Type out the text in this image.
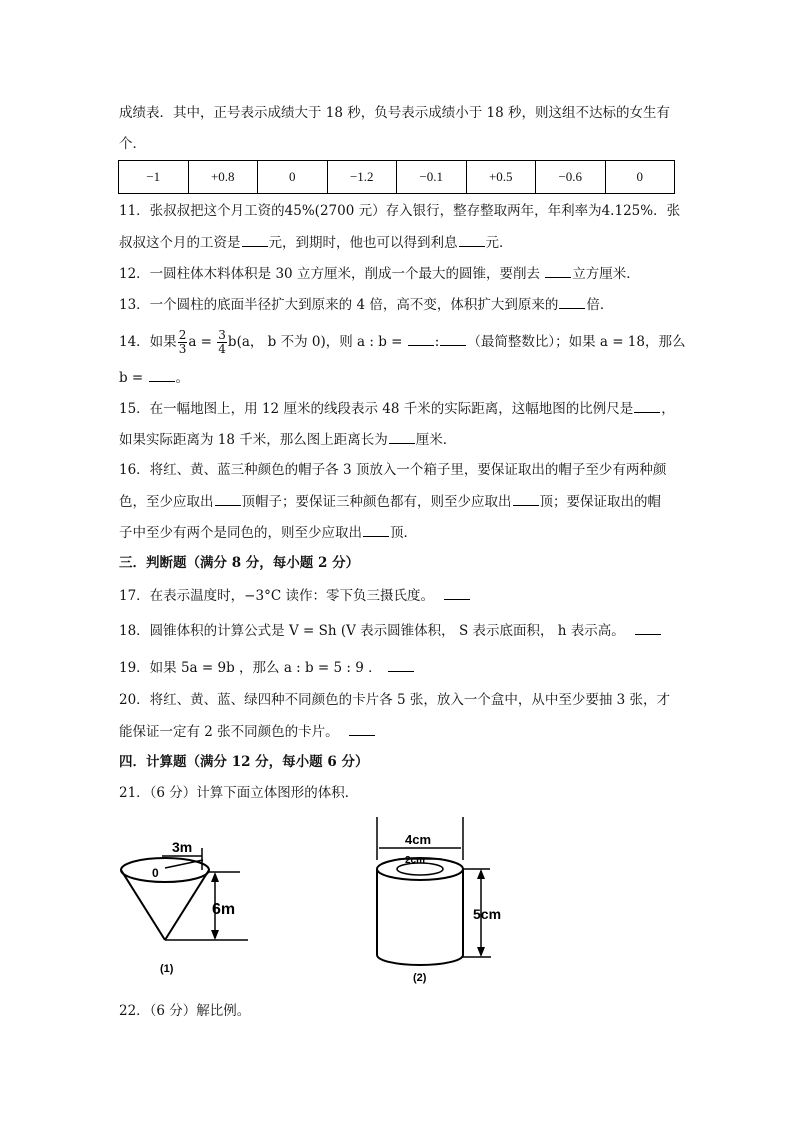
成绩表．其中，正号表示成绩大于 18 秒，负号表示成绩小于 18 秒，则这组不达标的女生有
个．
−1	+0.8	0	−1.2	−0.1	+0.5	−0.6	0
11．张叔叔把这个月工资的45%(2700 元）存入银行，整存整取两年，年利率为4.125%．张
叔叔这个月的工资是 元，到期时，他也可以得到利息 元．
12．一圆柱体木料体积是 30 立方厘米，削成一个最大的圆锥，要削去 立方厘米．
13．一个圆柱的底面半径扩大到原来的 4 倍，高不变，体积扩大到原来的 倍．
14．如果 $\frac{2}{3}$ $a = \frac{3}{4} b(a$， b 不为 0)，则 a : b = : （最简整数比）；如果 a = 18，那么
b = 。
15．在一幅地图上，用 12 厘米的线段表示 48 千米的实际距离，这幅地图的比例尺是 ，
如果实际距离为 18 千米，那么图上距离长为 厘米．
16．将红、黄、蓝三种颜色的帽子各 3 顶放入一个箱子里，要保证取出的帽子至少有两种颜
色，至少应取出 顶帽子；要保证三种颜色都有，则至少应取出 顶；要保证取出的帽
子中至少有两个是同色的，则至少应取出 顶．
三．判断题（满分 8 分，每小题 2 分）
17．在表示温度时，−3°C 读作：零下负三摄氏度。
18．圆锥体积的计算公式是 V = Sh (V 表示圆锥体积， S 表示底面积， h 表示高。
19．如果 5a = 9b ，那么 a : b = 5 : 9 ．
20．将红、黄、蓝、绿四种不同颜色的卡片各 5 张，放入一个盒中，从中至少要抽 3 张，才
能保证一定有 2 张不同颜色的卡片。
四．计算题（满分 12 分，每小题 6 分）
21．（6 分）计算下面立体图形的体积．
3m
0
6m
(1)
4cm
2cm
5cm
(2)
22．（6 分）解比例。
